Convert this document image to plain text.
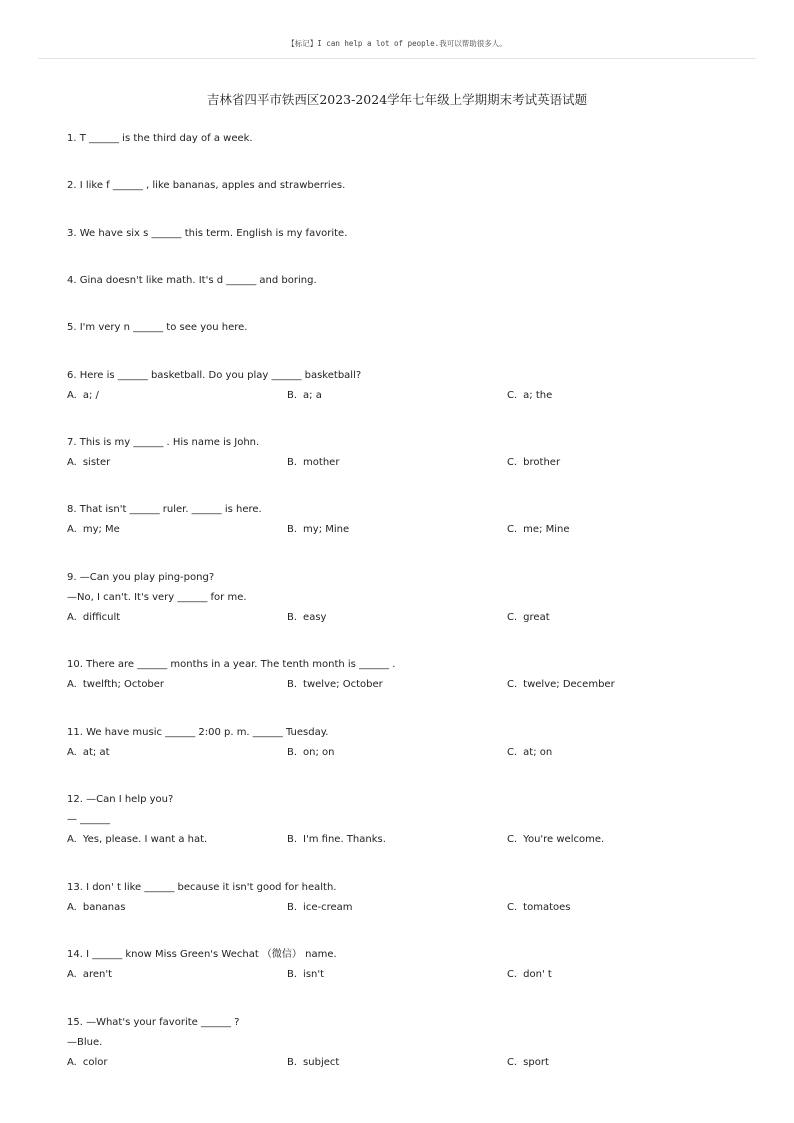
【标记】I can help a lot of people.我可以帮助很多人。
吉林省四平市铁西区2023-2024学年七年级上学期期末考试英语试题
1. T ______ is the third day of a week.
2. I like f ______ , like bananas, apples and strawberries.
3. We have six s ______ this term. English is my favorite.
4. Gina doesn't like math. It's d ______ and boring.
5. I'm very n ______ to see you here.
6. Here is ______ basketball. Do you play ______ basketball?
A. a; /	B. a; a	C. a; the
7. This is my ______ . His name is John.
A. sister	B. mother	C. brother
8. That isn't ______ ruler. ______ is here.
A. my; Me	B. my; Mine	C. me; Mine
9. —Can you play ping-pong?
—No, I can't. It's very ______ for me.
A. difficult	B. easy	C. great
10. There are ______ months in a year. The tenth month is ______ .
A. twelfth; October	B. twelve; October	C. twelve; December
11. We have music ______ 2:00 p. m. ______ Tuesday.
A. at; at	B. on; on	C. at; on
12. —Can I help you?
— ______
A. Yes, please. I want a hat.	B. I'm fine. Thanks.	C. You're welcome.
13. I don' t like ______ because it isn't good for health.
A. bananas	B. ice-cream	C. tomatoes
14. I ______ know Miss Green's Wechat （微信） name.
A. aren't	B. isn't	C. don' t
15. —What's your favorite ______ ?
—Blue.
A. color	B. subject	C. sport
